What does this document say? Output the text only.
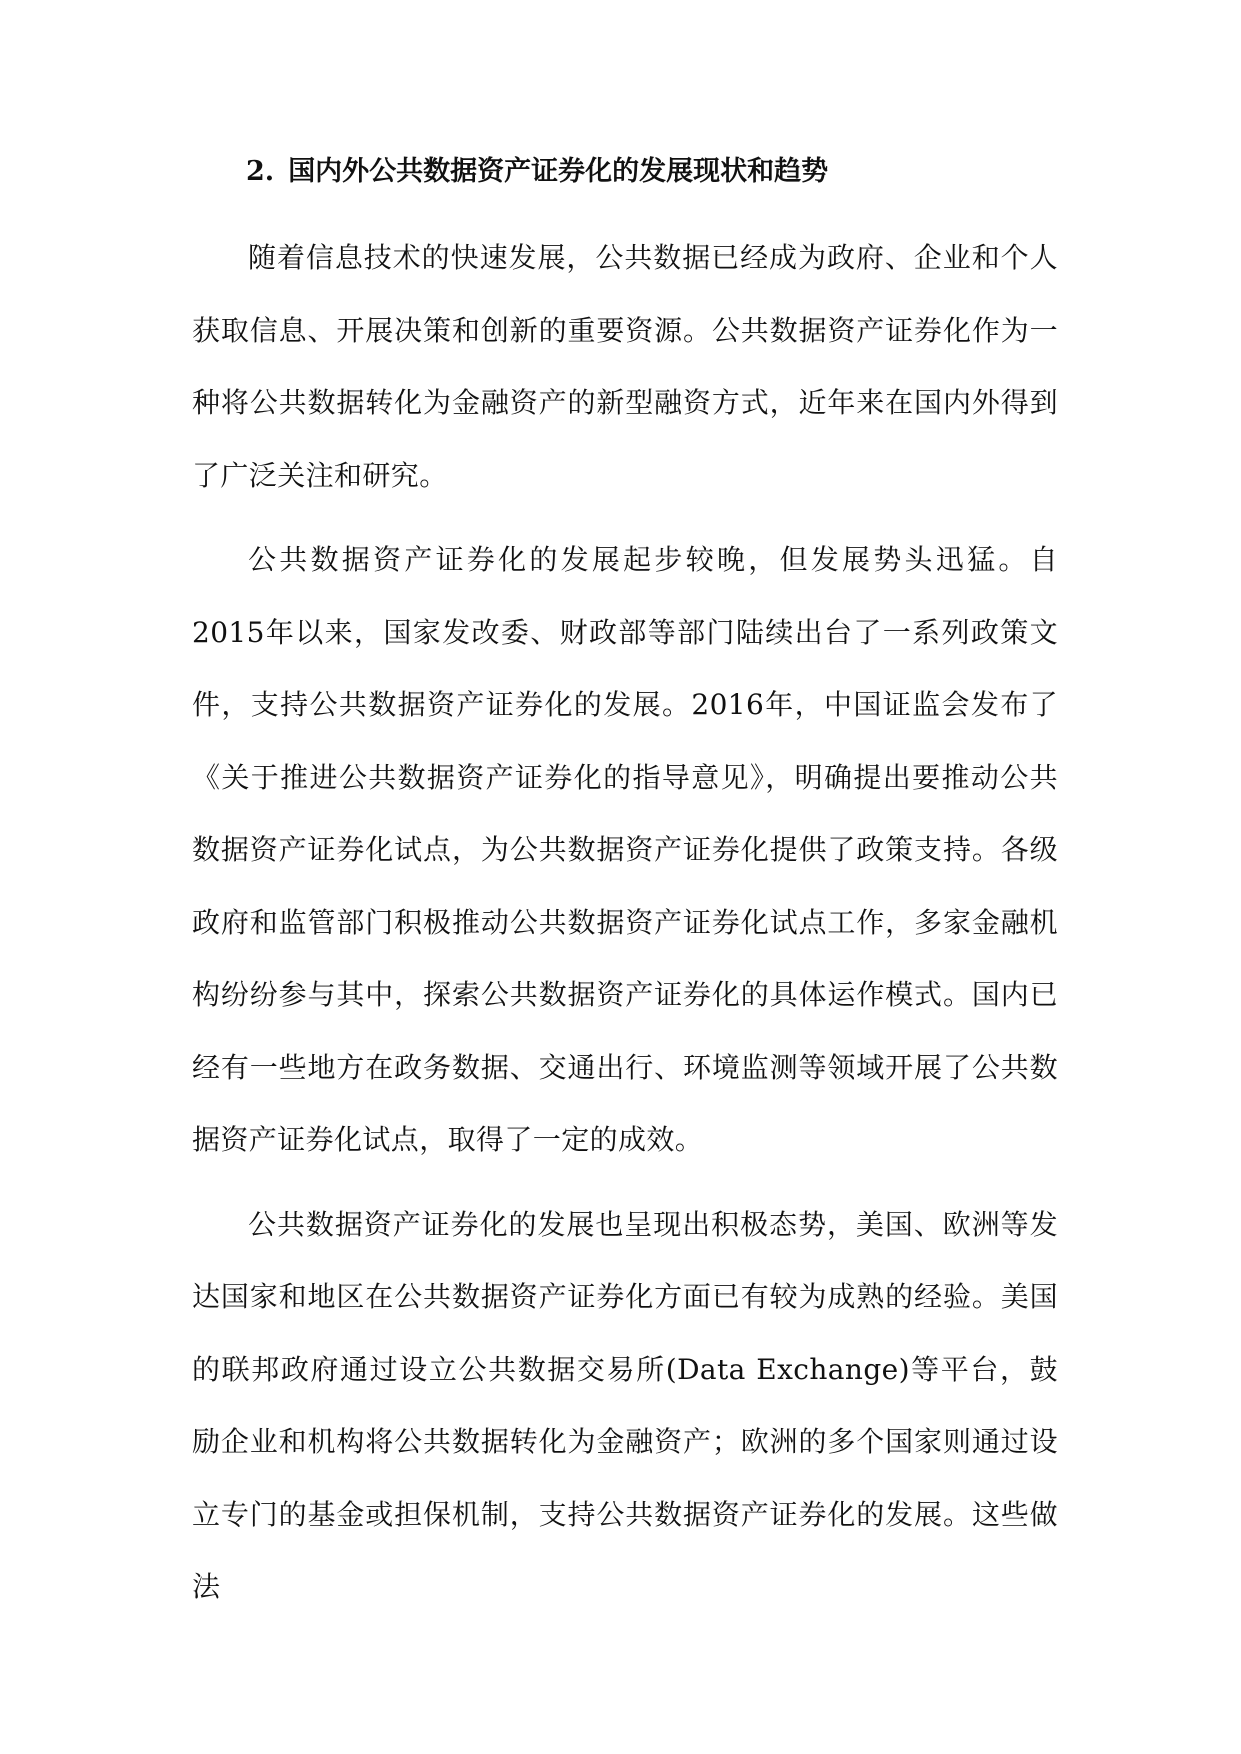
2. 国内外公共数据资产证券化的发展现状和趋势

随着信息技术的快速发展，公共数据已经成为政府、企业和个人获取信息、开展决策和创新的重要资源。公共数据资产证券化作为一种将公共数据转化为金融资产的新型融资方式，近年来在国内外得到了广泛关注和研究。

公共数据资产证券化的发展起步较晚，但发展势头迅猛。自2015年以来，国家发改委、财政部等部门陆续出台了一系列政策文件，支持公共数据资产证券化的发展。2016年，中国证监会发布了《关于推进公共数据资产证券化的指导意见》，明确提出要推动公共数据资产证券化试点，为公共数据资产证券化提供了政策支持。各级政府和监管部门积极推动公共数据资产证券化试点工作，多家金融机构纷纷参与其中，探索公共数据资产证券化的具体运作模式。国内已经有一些地方在政务数据、交通出行、环境监测等领域开展了公共数据资产证券化试点，取得了一定的成效。

公共数据资产证券化的发展也呈现出积极态势，美国、欧洲等发达国家和地区在公共数据资产证券化方面已有较为成熟的经验。美国的联邦政府通过设立公共数据交易所(Data Exchange)等平台，鼓励企业和机构将公共数据转化为金融资产；欧洲的多个国家则通过设立专门的基金或担保机制，支持公共数据资产证券化的发展。这些做法
